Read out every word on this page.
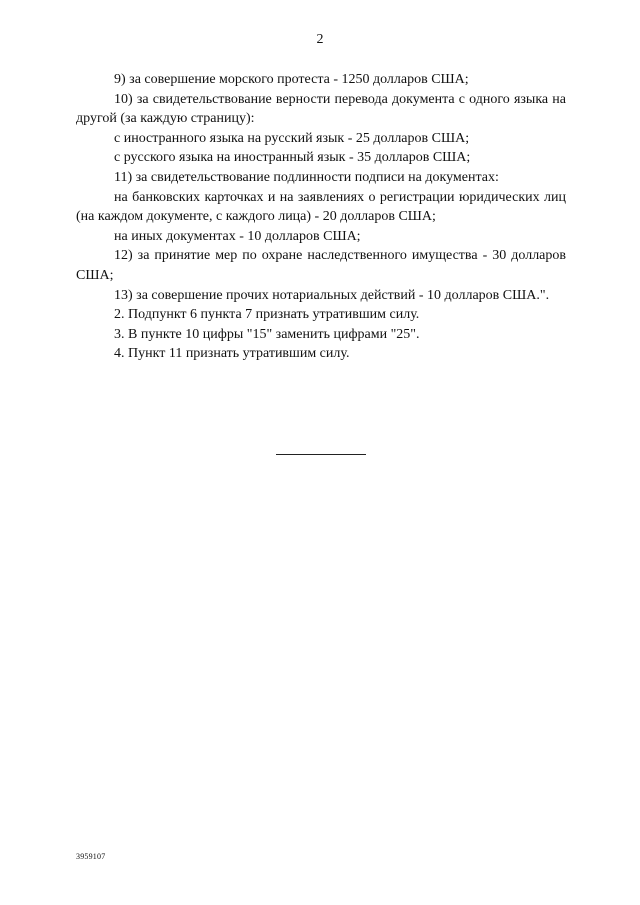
2

9) за совершение морского протеста - 1250 долларов США;

10) за свидетельствование верности перевода документа с одного языка на другой (за каждую страницу):

с иностранного языка на русский язык - 25 долларов США;

с русского языка на иностранный язык - 35 долларов США;

11) за свидетельствование подлинности подписи на документах:

на банковских карточках и на заявлениях о регистрации юридических лиц (на каждом документе, с каждого лица) - 20 долларов США;

на иных документах - 10 долларов США;

12) за принятие мер по охране наследственного имущества - 30 долларов США;

13) за совершение прочих нотариальных действий - 10 долларов США.".

2. Подпункт 6 пункта 7 признать утратившим силу.

3. В пункте 10 цифры "15" заменить цифрами "25".

4. Пункт 11 признать утратившим силу.

3959107
